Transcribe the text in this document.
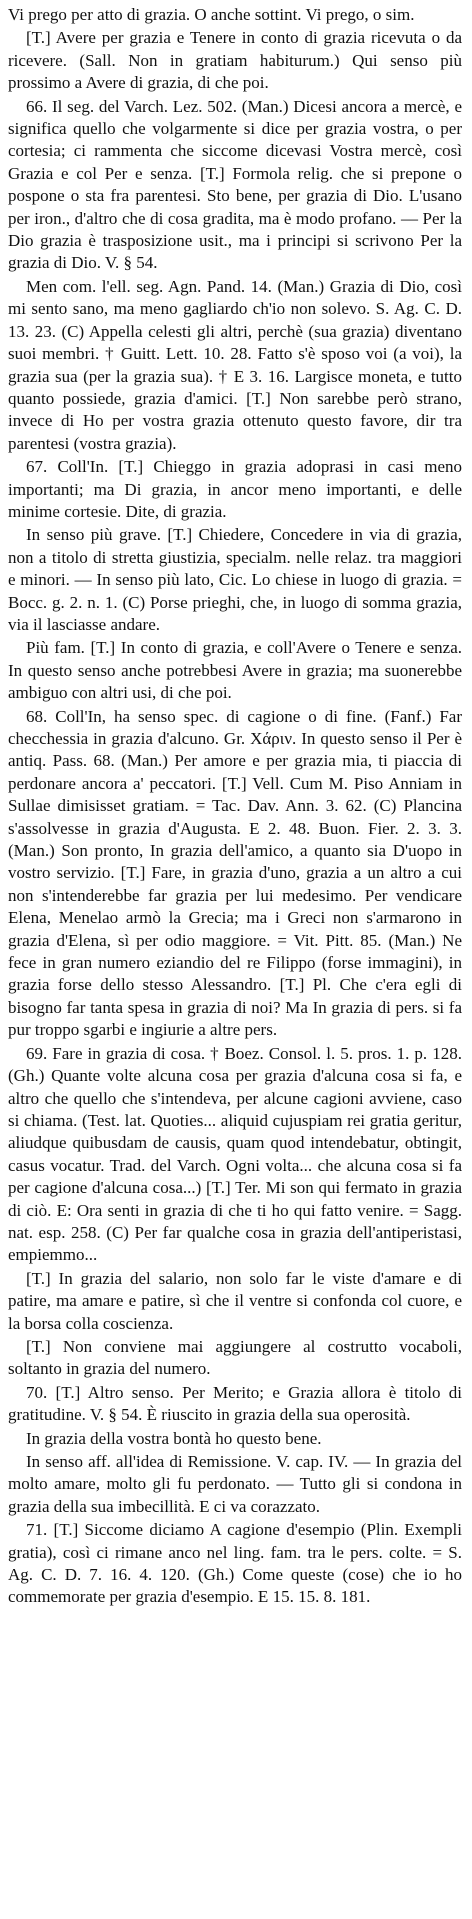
Vi prego per atto di grazia. O anche sottint. Vi prego, o sim.

[T.] Avere per grazia e Tenere in conto di grazia ricevuta o da ricevere. (Sall. Non in gratiam habiturum.) Qui senso più prossimo a Avere di grazia, di che poi.

66. Il seg. del Varch. Lez. 502. (Man.) Dicesi ancora a mercè, e significa quello che volgarmente si dice per grazia vostra, o per cortesia; ci rammenta che siccome dicevasi Vostra mercè, così Grazia e col Per e senza. [T.] Formola relig. che si prepone o pospone o sta fra parentesi. Sto bene, per grazia di Dio. L'usano per iron., d'altro che di cosa gradita, ma è modo profano. — Per la Dio grazia è trasposizione usit., ma i principi si scrivono Per la grazia di Dio. V. § 54.

Men com. l'ell. seg. Agn. Pand. 14. (Man.) Grazia di Dio, così mi sento sano, ma meno gagliardo ch'io non solevo. S. Ag. C. D. 13. 23. (C) Appella celesti gli altri, perchè (sua grazia) diventano suoi membri. † Guitt. Lett. 10. 28. Fatto s'è sposo voi (a voi), la grazia sua (per la grazia sua). † E 3. 16. Largisce moneta, e tutto quanto possiede, grazia d'amici. [T.] Non sarebbe però strano, invece di Ho per vostra grazia ottenuto questo favore, dir tra parentesi (vostra grazia).

67. Coll'In. [T.] Chieggo in grazia adoprasi in casi meno importanti; ma Di grazia, in ancor meno importanti, e delle minime cortesie. Dite, di grazia.

In senso più grave. [T.] Chiedere, Concedere in via di grazia, non a titolo di stretta giustizia, specialm. nelle relaz. tra maggiori e minori. — In senso più lato, Cic. Lo chiese in luogo di grazia. = Bocc. g. 2. n. 1. (C) Porse prieghi, che, in luogo di somma grazia, via il lasciasse andare.

Più fam. [T.] In conto di grazia, e coll'Avere o Tenere e senza. In questo senso anche potrebbesi Avere in grazia; ma suonerebbe ambiguo con altri usi, di che poi.

68. Coll'In, ha senso spec. di cagione o di fine. (Fanf.) Far checchessia in grazia d'alcuno. Gr. Χάριν. In questo senso il Per è antiq. Pass. 68. (Man.) Per amore e per grazia mia, ti piaccia di perdonare ancora a' peccatori. [T.] Vell. Cum M. Piso Anniam in Sullae dimisisset gratiam. = Tac. Dav. Ann. 3. 62. (C) Plancina s'assolvesse in grazia d'Augusta. E 2. 48. Buon. Fier. 2. 3. 3. (Man.) Son pronto, In grazia dell'amico, a quanto sia D'uopo in vostro servizio. [T.] Fare, in grazia d'uno, grazia a un altro a cui non s'intenderebbe far grazia per lui medesimo. Per vendicare Elena, Menelao armò la Grecia; ma i Greci non s'armarono in grazia d'Elena, sì per odio maggiore. = Vit. Pitt. 85. (Man.) Ne fece in gran numero eziandio del re Filippo (forse immagini), in grazia forse dello stesso Alessandro. [T.] Pl. Che c'era egli di bisogno far tanta spesa in grazia di noi? Ma In grazia di pers. si fa pur troppo sgarbi e ingiurie a altre pers.

69. Fare in grazia di cosa. † Boez. Consol. l. 5. pros. 1. p. 128. (Gh.) Quante volte alcuna cosa per grazia d'alcuna cosa si fa, e altro che quello che s'intendeva, per alcune cagioni avviene, caso si chiama. (Test. lat. Quoties... aliquid cujuspiam rei gratia geritur, aliudque quibusdam de causis, quam quod intendebatur, obtingit, casus vocatur. Trad. del Varch. Ogni volta... che alcuna cosa si fa per cagione d'alcuna cosa...) [T.] Ter. Mi son qui fermato in grazia di ciò. E: Ora senti in grazia di che ti ho qui fatto venire. = Sagg. nat. esp. 258. (C) Per far qualche cosa in grazia dell'antiperistasi, empiemmo...

[T.] In grazia del salario, non solo far le viste d'amare e di patire, ma amare e patire, sì che il ventre si confonda col cuore, e la borsa colla coscienza.

[T.] Non conviene mai aggiungere al costrutto vocaboli, soltanto in grazia del numero.

70. [T.] Altro senso. Per Merito; e Grazia allora è titolo di gratitudine. V. § 54. È riuscito in grazia della sua operosità.

In grazia della vostra bontà ho questo bene.

In senso aff. all'idea di Remissione. V. cap. IV. — In grazia del molto amare, molto gli fu perdonato. — Tutto gli si condona in grazia della sua imbecillità. E ci va corazzato.

71. [T.] Siccome diciamo A cagione d'esempio (Plin. Exempli gratia), così ci rimane anco nel ling. fam. tra le pers. colte. = S. Ag. C. D. 7. 16. 4. 120. (Gh.) Come queste (cose) che io ho commemorate per grazia d'esempio. E 15. 15. 8. 181.
